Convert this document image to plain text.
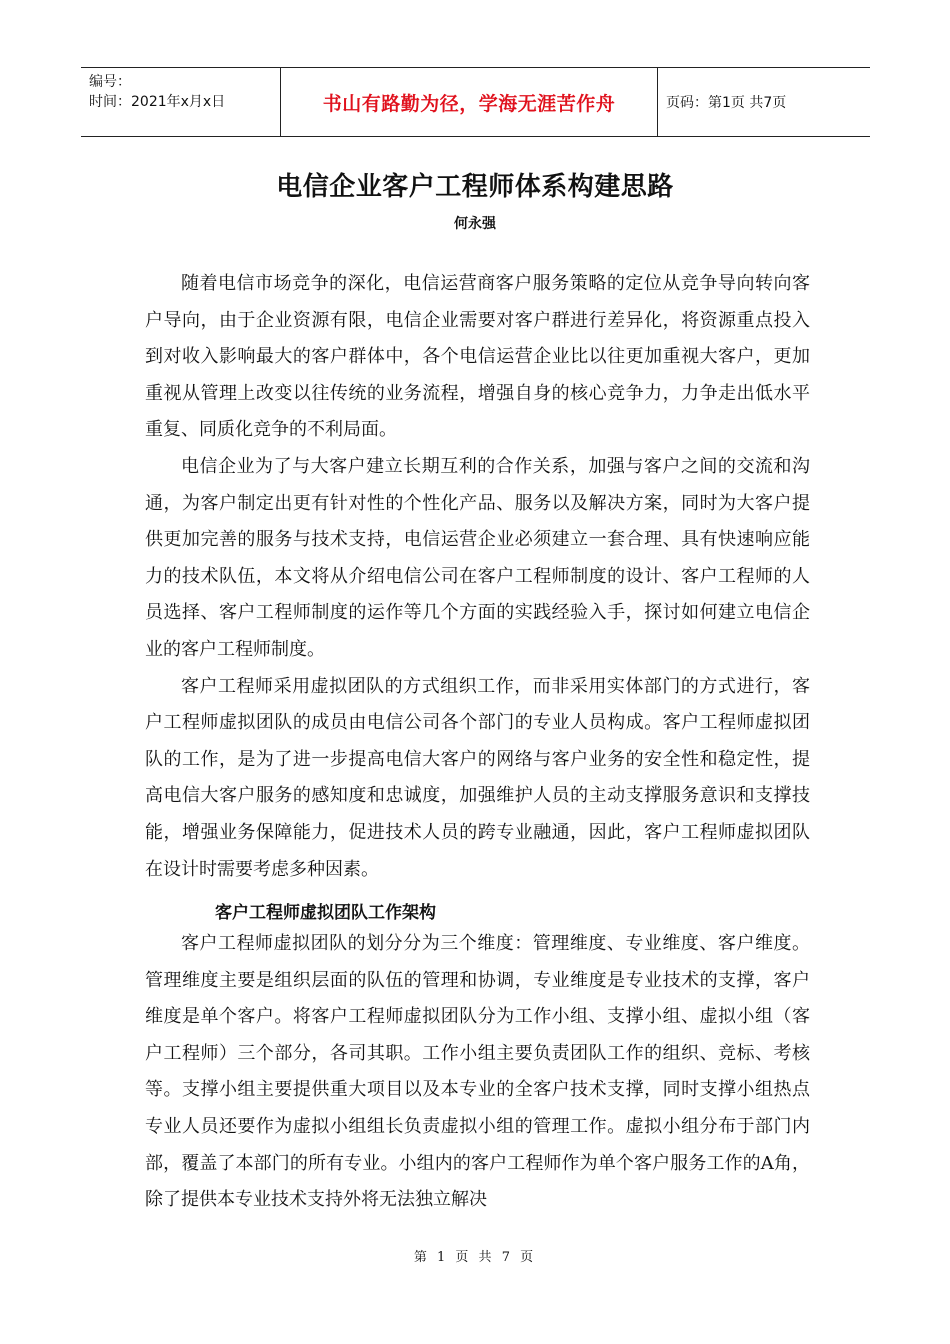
编号：
时间：2021年x月x日	书山有路勤为径，学海无涯苦作舟	页码：第1页 共7页
电信企业客户工程师体系构建思路
何永强

随着电信市场竞争的深化，电信运营商客户服务策略的定位从竞争导向转向客户导向，由于企业资源有限，电信企业需要对客户群进行差异化，将资源重点投入到对收入影响最大的客户群体中，各个电信运营企业比以往更加重视大客户，更加重视从管理上改变以往传统的业务流程，增强自身的核心竞争力，力争走出低水平重复、同质化竞争的不利局面。

电信企业为了与大客户建立长期互利的合作关系，加强与客户之间的交流和沟通，为客户制定出更有针对性的个性化产品、服务以及解决方案，同时为大客户提供更加完善的服务与技术支持，电信运营企业必须建立一套合理、具有快速响应能力的技术队伍，本文将从介绍电信公司在客户工程师制度的设计、客户工程师的人员选择、客户工程师制度的运作等几个方面的实践经验入手，探讨如何建立电信企业的客户工程师制度。

客户工程师采用虚拟团队的方式组织工作，而非采用实体部门的方式进行，客户工程师虚拟团队的成员由电信公司各个部门的专业人员构成。客户工程师虚拟团队的工作，是为了进一步提高电信大客户的网络与客户业务的安全性和稳定性，提高电信大客户服务的感知度和忠诚度，加强维护人员的主动支撑服务意识和支撑技能，增强业务保障能力，促进技术人员的跨专业融通，因此，客户工程师虚拟团队在设计时需要考虑多种因素。

客户工程师虚拟团队工作架构

客户工程师虚拟团队的划分分为三个维度：管理维度、专业维度、客户维度。管理维度主要是组织层面的队伍的管理和协调，专业维度是专业技术的支撑，客户维度是单个客户。将客户工程师虚拟团队分为工作小组、支撑小组、虚拟小组（客户工程师）三个部分，各司其职。工作小组主要负责团队工作的组织、竞标、考核等。支撑小组主要提供重大项目以及本专业的全客户技术支撑，同时支撑小组热点专业人员还要作为虚拟小组组长负责虚拟小组的管理工作。虚拟小组分布于部门内部，覆盖了本部门的所有专业。小组内的客户工程师作为单个客户服务工作的A角，除了提供本专业技术支持外将无法独立解决

第 1 页 共 7 页
